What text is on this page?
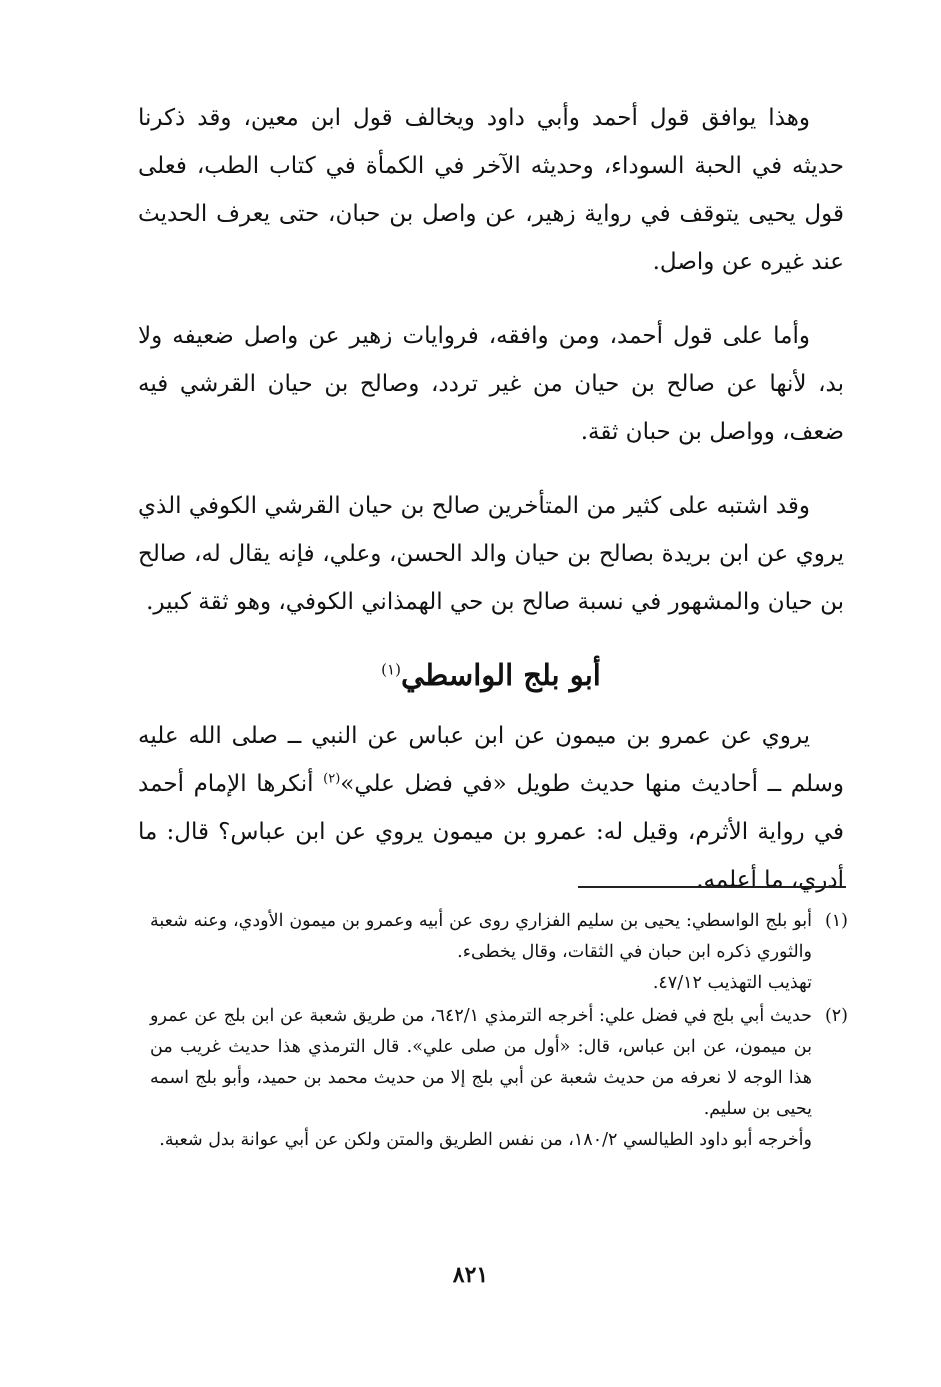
وهذا يوافق قول أحمد وأبي داود ويخالف قول ابن معين، وقد ذكرنا حديثه في الحبة السوداء، وحديثه الآخر في الكمأة في كتاب الطب، فعلى قول يحيى يتوقف في رواية زهير، عن واصل بن حبان، حتى يعرف الحديث عند غيره عن واصل.

وأما على قول أحمد، ومن وافقه، فروايات زهير عن واصل ضعيفه ولا بد، لأنها عن صالح بن حيان من غير تردد، وصالح بن حيان القرشي فيه ضعف، وواصل بن حبان ثقة.

وقد اشتبه على كثير من المتأخرين صالح بن حيان القرشي الكوفي الذي يروي عن ابن بريدة بصالح بن حيان والد الحسن، وعلي، فإنه يقال له، صالح بن حيان والمشهور في نسبة صالح بن حي الهمذاني الكوفي، وهو ثقة كبير.

أبو بلج الواسطي$^{(١)}$

يروي عن عمرو بن ميمون عن ابن عباس عن النبي ــ صلى الله عليه وسلم ــ أحاديث منها حديث طويل «في فضل علي»$^{(٢)}$ أنكرها الإمام أحمد في رواية الأثرم، وقيل له: عمرو بن ميمون يروي عن ابن عباس؟ قال: ما أدري، ما أعلمه.

(١)

أبو بلج الواسطي: يحيى بن سليم الفزاري روى عن أبيه وعمرو بن ميمون الأودي، وعنه شعبة والثوري ذكره ابن حبان في الثقات، وقال يخطىء.

تهذيب التهذيب ٤٧/١٢.

(٢)

حديث أبي بلج في فضل علي: أخرجه الترمذي ٦٤٢/١، من طريق شعبة عن ابن بلج عن عمرو بن ميمون، عن ابن عباس، قال: «أول من صلى علي». قال الترمذي هذا حديث غريب من هذا الوجه لا نعرفه من حديث شعبة عن أبي بلج إلا من حديث محمد بن حميد، وأبو بلج اسمه يحيى بن سليم.

وأخرجه أبو داود الطيالسي ١٨٠/٢، من نفس الطريق والمتن ولكن عن أبي عوانة بدل شعبة.

٨٢١
